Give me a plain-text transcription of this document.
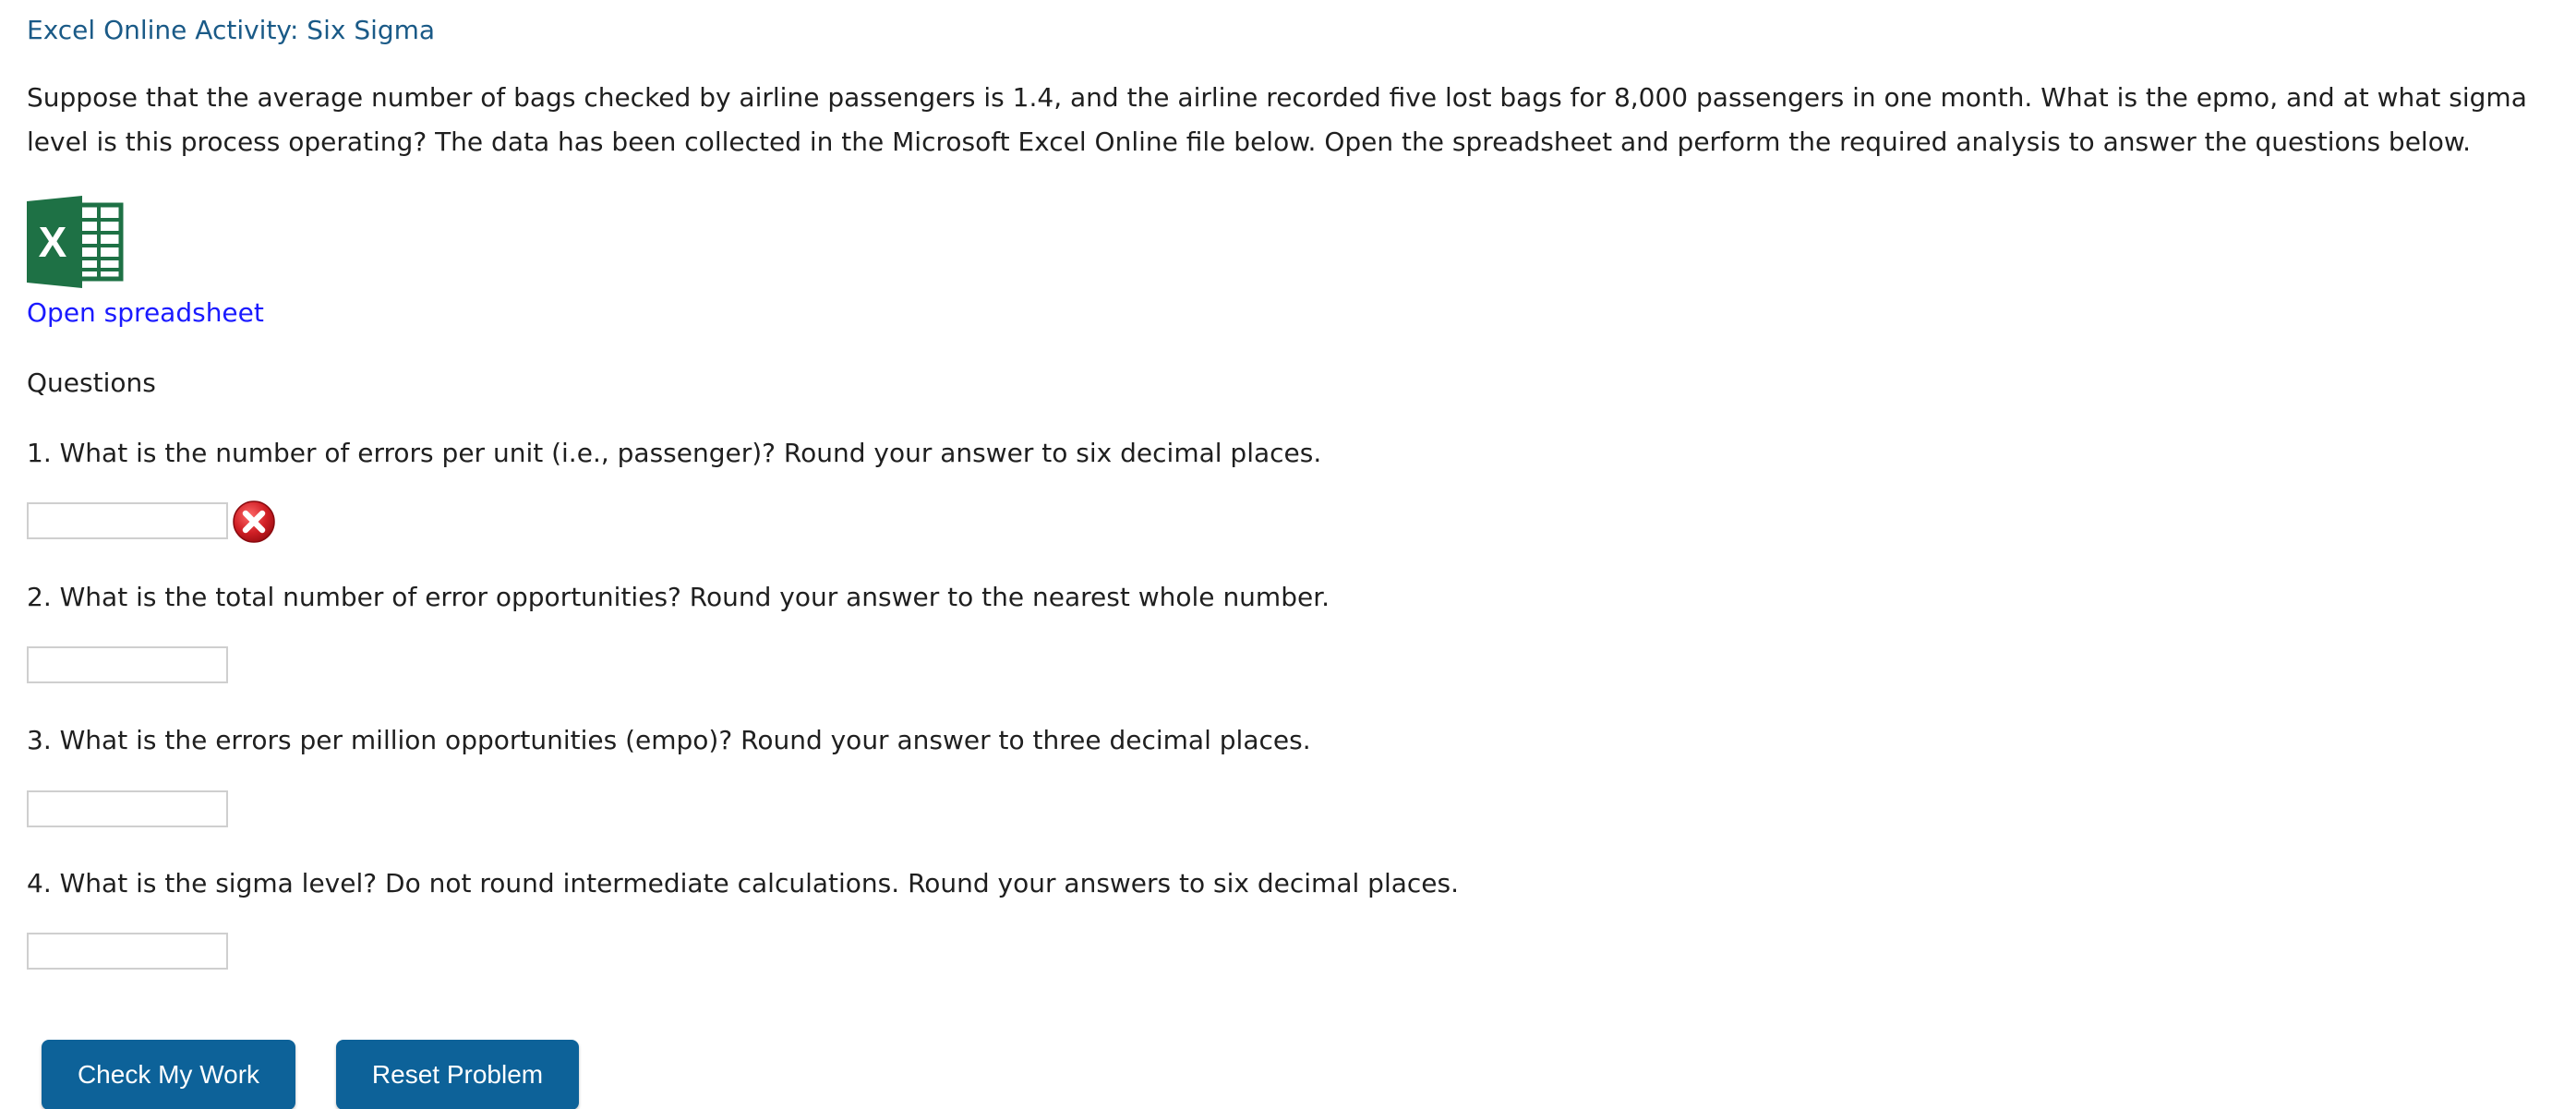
Excel Online Activity: Six Sigma
Suppose that the average number of bags checked by airline passengers is 1.4, and the airline recorded five lost bags for 8,000 passengers in one month. What is the epmo, and at what sigma level is this process operating? The data has been collected in the Microsoft Excel Online file below. Open the spreadsheet and perform the required analysis to answer the questions below.
X
Open spreadsheet
Questions
1. What is the number of errors per unit (i.e., passenger)? Round your answer to six decimal places.
2. What is the total number of error opportunities? Round your answer to the nearest whole number.
3. What is the errors per million opportunities (empo)? Round your answer to three decimal places.
4. What is the sigma level? Do not round intermediate calculations. Round your answers to six decimal places.
Check My Work	Reset Problem
